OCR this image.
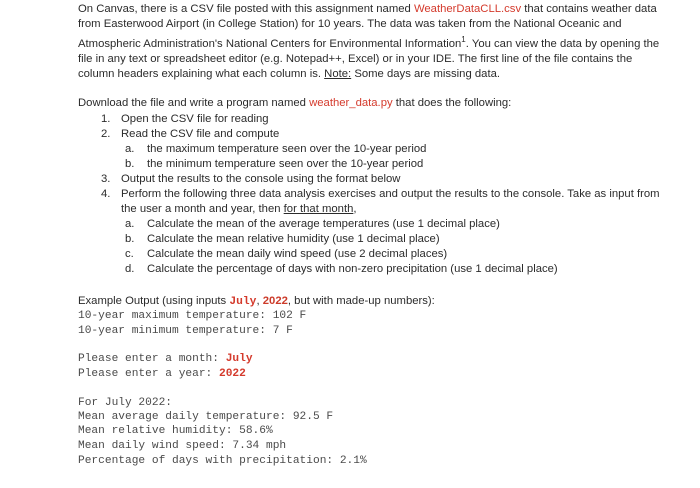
On Canvas, there is a CSV file posted with this assignment named WeatherDataCLL.csv that contains weather data from Easterwood Airport (in College Station) for 10 years. The data was taken from the National Oceanic and Atmospheric Administration's National Centers for Environmental Information$^1$. You can view the data by opening the file in any text or spreadsheet editor (e.g. Notepad++, Excel) or in your IDE. The first line of the file contains the column headers explaining what each column is. Note: Some days are missing data.
Download the file and write a program named weather_data.py that does the following:
1. Open the CSV file for reading
2. Read the CSV file and compute
a. the maximum temperature seen over the 10-year period
b. the minimum temperature seen over the 10-year period
3. Output the results to the console using the format below
4. Perform the following three data analysis exercises and output the results to the console. Take as input from the user a month and year, then for that month,
a. Calculate the mean of the average temperatures (use 1 decimal place)
b. Calculate the mean relative humidity (use 1 decimal place)
c. Calculate the mean daily wind speed (use 2 decimal places)
d. Calculate the percentage of days with non-zero precipitation (use 1 decimal place)
Example Output (using inputs July, 2022, but with made-up numbers):
10-year maximum temperature: 102 F
10-year minimum temperature: 7 F
Please enter a month: July
Please enter a year: 2022
For July 2022:
Mean average daily temperature: 92.5 F
Mean relative humidity: 58.6%
Mean daily wind speed: 7.34 mph
Percentage of days with precipitation: 2.1%
